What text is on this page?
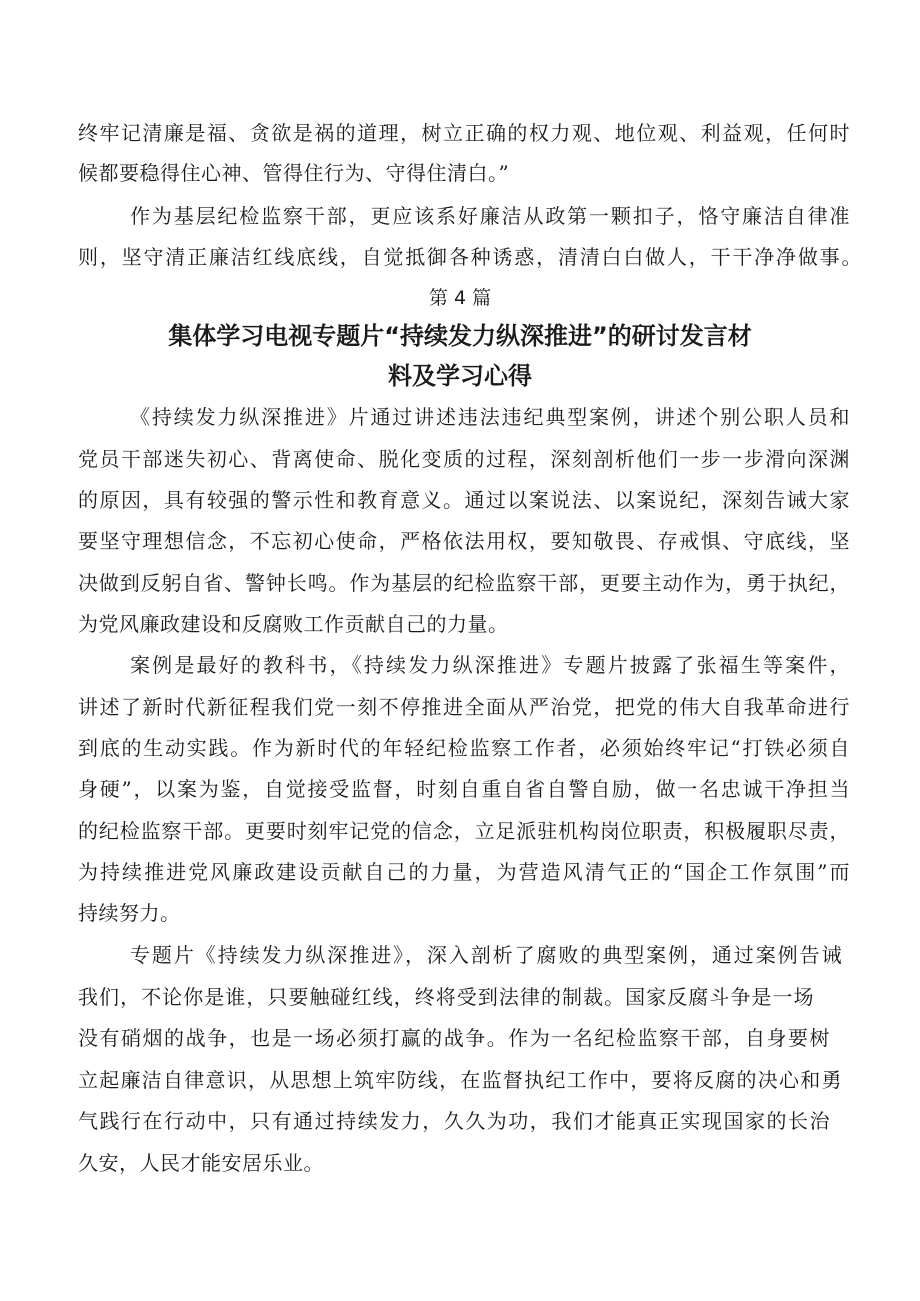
终牢记清廉是福、贪欲是祸的道理，树立正确的权力观、地位观、利益观，任何时
候都要稳得住心神、管得住行为、守得住清白。”
作为基层纪检监察干部，更应该系好廉洁从政第一颗扣子，恪守廉洁自律准
则，坚守清正廉洁红线底线，自觉抵御各种诱惑，清清白白做人，干干净净做事。
第 4 篇
集体学习电视专题片“持续发力纵深推进”的研讨发言材
料及学习心得
《持续发力纵深推进》片通过讲述违法违纪典型案例，讲述个别公职人员和
党员干部迷失初心、背离使命、脱化变质的过程，深刻剖析他们一步一步滑向深渊
的原因，具有较强的警示性和教育意义。通过以案说法、以案说纪，深刻告诫大家
要坚守理想信念，不忘初心使命，严格依法用权，要知敬畏、存戒惧、守底线，坚
决做到反躬自省、警钟长鸣。作为基层的纪检监察干部，更要主动作为，勇于执纪，
为党风廉政建设和反腐败工作贡献自己的力量。
案例是最好的教科书，《持续发力纵深推进》专题片披露了张福生等案件，
讲述了新时代新征程我们党一刻不停推进全面从严治党，把党的伟大自我革命进行
到底的生动实践。作为新时代的年轻纪检监察工作者，必须始终牢记“打铁必须自
身硬”，以案为鉴，自觉接受监督，时刻自重自省自警自励，做一名忠诚干净担当
的纪检监察干部。更要时刻牢记党的信念，立足派驻机构岗位职责，积极履职尽责，
为持续推进党风廉政建设贡献自己的力量，为营造风清气正的“国企工作氛围”而
持续努力。
专题片《持续发力纵深推进》，深入剖析了腐败的典型案例，通过案例告诫
我们，不论你是谁，只要触碰红线，终将受到法律的制裁。国家反腐斗争是一场
没有硝烟的战争，也是一场必须打赢的战争。作为一名纪检监察干部，自身要树
立起廉洁自律意识，从思想上筑牢防线，在监督执纪工作中，要将反腐的决心和勇
气践行在行动中，只有通过持续发力，久久为功，我们才能真正实现国家的长治
久安，人民才能安居乐业。
